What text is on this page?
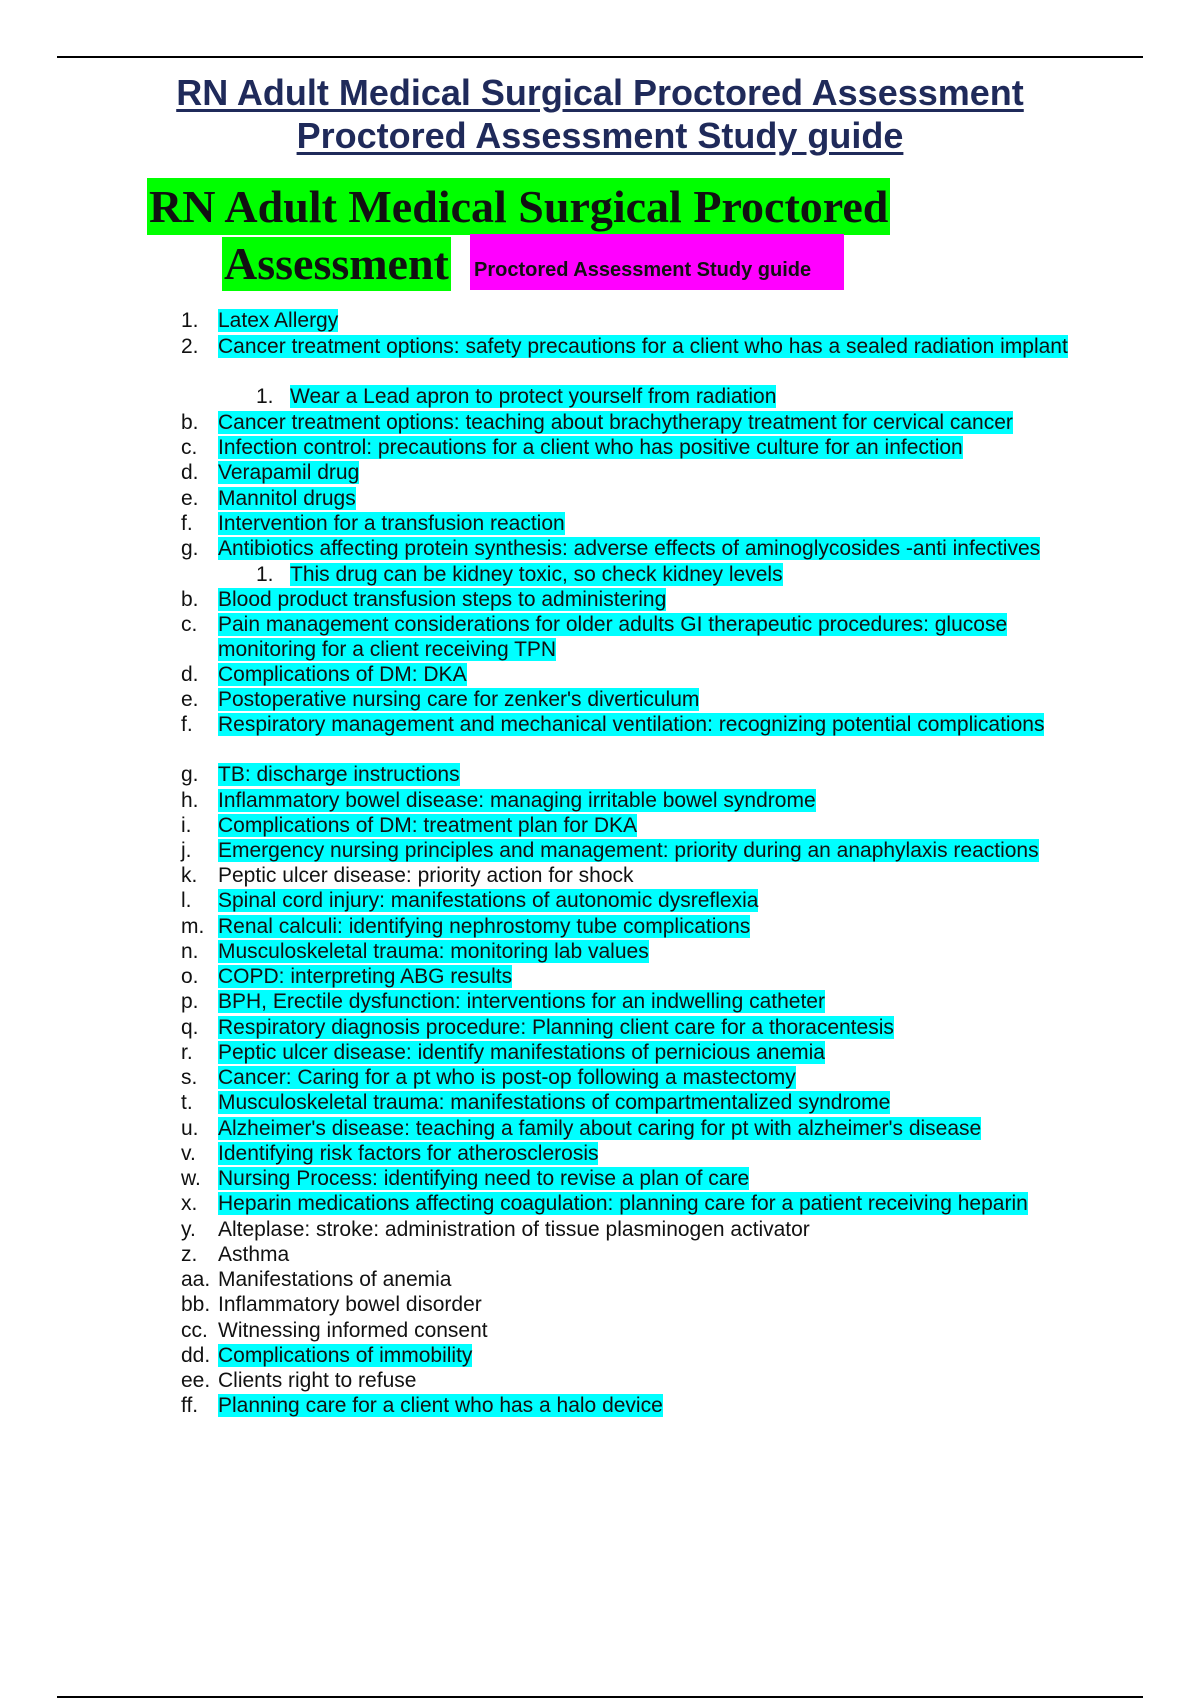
RN Adult Medical Surgical Proctored Assessment
Proctored Assessment Study guide
RN Adult Medical Surgical Proctored
Assessment Proctored Assessment Study guide
1. Latex Allergy
2. Cancer treatment options: safety precautions for a client who has a sealed radiation implant
1. Wear a Lead apron to protect yourself from radiation
b. Cancer treatment options: teaching about brachytherapy treatment for cervical cancer
c. Infection control: precautions for a client who has positive culture for an infection
d. Verapamil drug
e. Mannitol drugs
f. Intervention for a transfusion reaction
g. Antibiotics affecting protein synthesis: adverse effects of aminoglycosides -anti infectives
1. This drug can be kidney toxic, so check kidney levels
b. Blood product transfusion steps to administering
c. Pain management considerations for older adults GI therapeutic procedures: glucose monitoring for a client receiving TPN
d. Complications of DM: DKA
e. Postoperative nursing care for zenker's diverticulum
f. Respiratory management and mechanical ventilation: recognizing potential complications
g. TB: discharge instructions
h. Inflammatory bowel disease: managing irritable bowel syndrome
i. Complications of DM: treatment plan for DKA
j. Emergency nursing principles and management: priority during an anaphylaxis reactions
k. Peptic ulcer disease: priority action for shock
l. Spinal cord injury: manifestations of autonomic dysreflexia
m. Renal calculi: identifying nephrostomy tube complications
n. Musculoskeletal trauma: monitoring lab values
o. COPD: interpreting ABG results
p. BPH, Erectile dysfunction: interventions for an indwelling catheter
q. Respiratory diagnosis procedure: Planning client care for a thoracentesis
r. Peptic ulcer disease: identify manifestations of pernicious anemia
s. Cancer: Caring for a pt who is post-op following a mastectomy
t. Musculoskeletal trauma: manifestations of compartmentalized syndrome
u. Alzheimer's disease: teaching a family about caring for pt with alzheimer's disease
v. Identifying risk factors for atherosclerosis
w. Nursing Process: identifying need to revise a plan of care
x. Heparin medications affecting coagulation: planning care for a patient receiving heparin
y. Alteplase: stroke: administration of tissue plasminogen activator
z. Asthma
aa. Manifestations of anemia
bb. Inflammatory bowel disorder
cc. Witnessing informed consent
dd. Complications of immobility
ee. Clients right to refuse
ff. Planning care for a client who has a halo device
